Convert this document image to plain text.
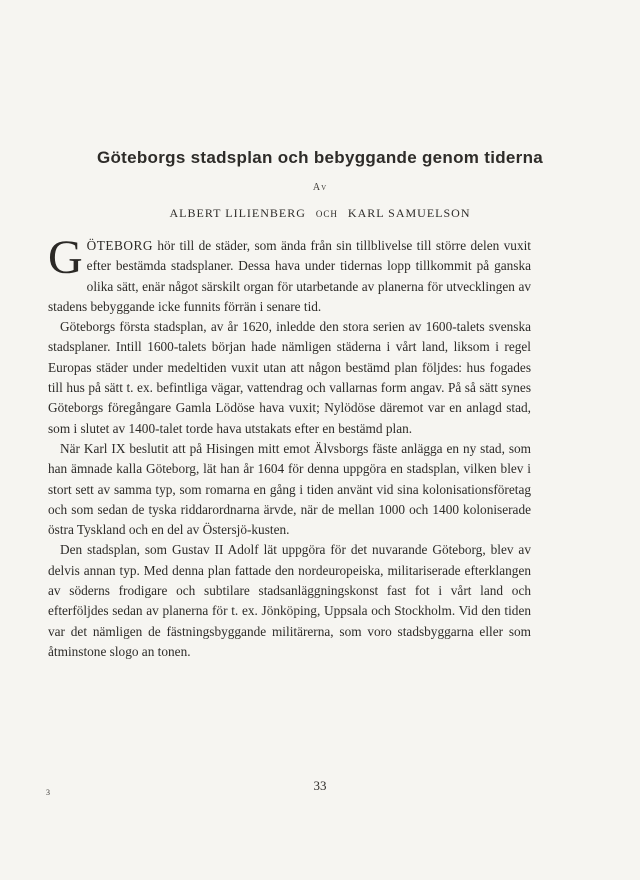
Göteborgs stadsplan och bebyggande genom tiderna
Av
ALBERT LILIENBERG OCH KARL SAMUELSON

GÖTEBORG hör till de städer, som ända från sin tillblivelse till större delen vuxit efter bestämda stadsplaner. Dessa hava under tidernas lopp tillkommit på ganska olika sätt, enär något särskilt organ för utarbetande av planerna för utvecklingen av stadens bebyggande icke funnits förrän i senare tid.

Göteborgs första stadsplan, av år 1620, inledde den stora serien av 1600-talets svenska stadsplaner. Intill 1600-talets början hade nämligen städerna i vårt land, liksom i regel Europas städer under medeltiden vuxit utan att någon bestämd plan följdes: hus fogades till hus på sätt t. ex. befintliga vägar, vattendrag och vallarnas form angav. På så sätt synes Göteborgs föregångare Gamla Lödöse hava vuxit; Nylödöse däremot var en anlagd stad, som i slutet av 1400-talet torde hava utstakats efter en bestämd plan.

När Karl IX beslutit att på Hisingen mitt emot Älvsborgs fäste anlägga en ny stad, som han ämnade kalla Göteborg, lät han år 1604 för denna uppgöra en stadsplan, vilken blev i stort sett av samma typ, som romarna en gång i tiden använt vid sina kolonisationsföretag och som sedan de tyska riddarordnarna ärvde, när de mellan 1000 och 1400 koloniserade östra Tyskland och en del av Östersjö-kusten.

Den stadsplan, som Gustav II Adolf lät uppgöra för det nuvarande Göteborg, blev av delvis annan typ. Med denna plan fattade den nordeuropeiska, militariserade efterklangen av söderns frodigare och subtilare stadsanläggningskonst fast fot i vårt land och efterföljdes sedan av planerna för t. ex. Jönköping, Uppsala och Stockholm. Vid den tiden var det nämligen de fästningsbyggande militärerna, som voro stadsbyggarna eller som åtminstone slogo an tonen.

3	33
